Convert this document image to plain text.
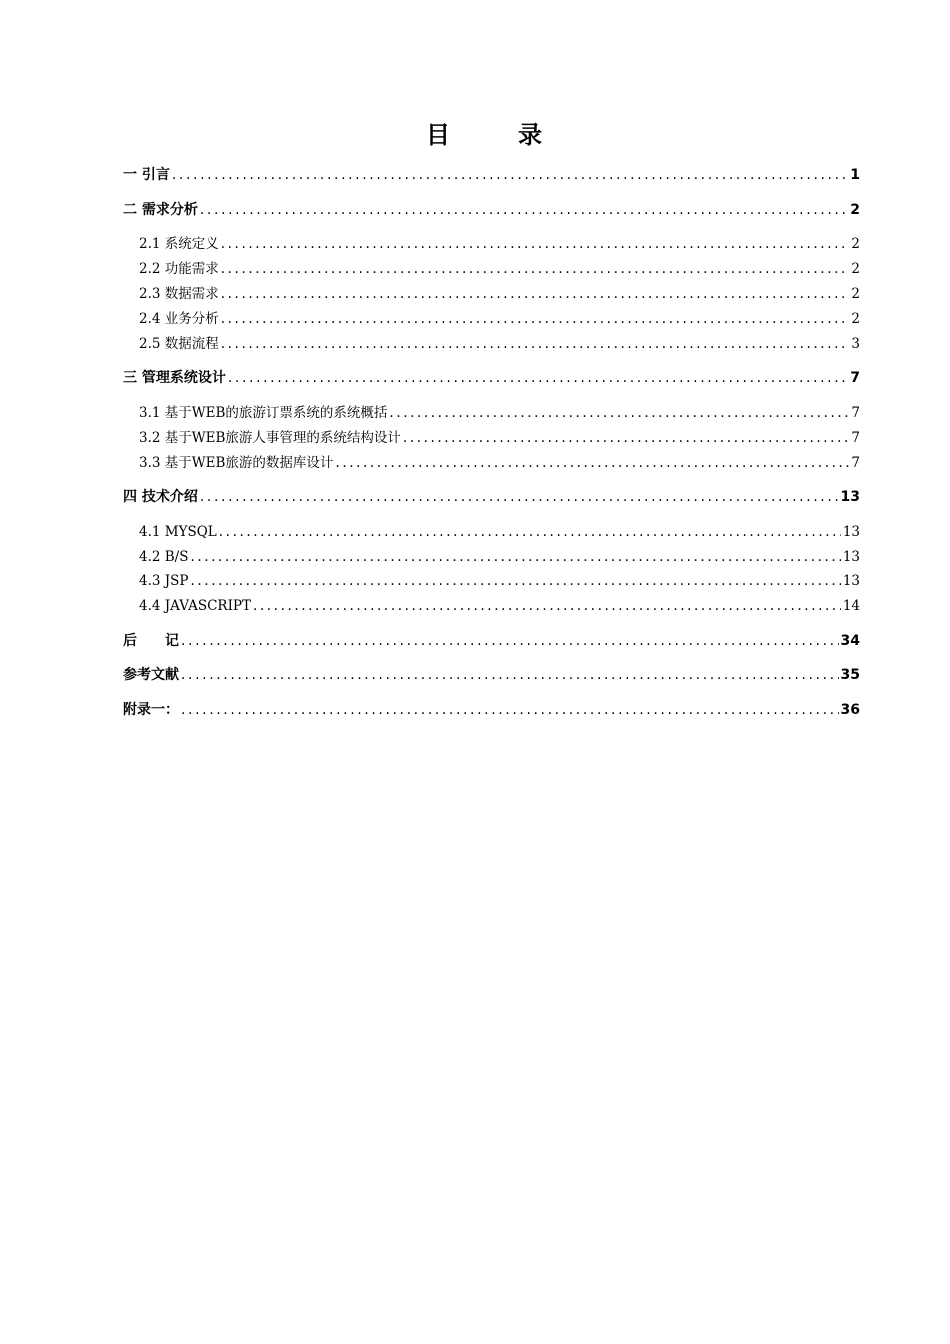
目　录
一 引言 .....	1
二 需求分析 .....	2
2.1 系统定义 .....	2
2.2 功能需求 .....	2
2.3 数据需求 .....	2
2.4 业务分析 .....	2
2.5 数据流程 .....	3
三 管理系统设计 .....	7
3.1 基于WEB的旅游订票系统的系统概括 .....	7
3.2 基于WEB旅游人事管理的系统结构设计 .....	7
3.3 基于WEB旅游的数据库设计 .....	7
四 技术介绍 .....	13
4.1 MYSQL .....	13
4.2 B/S .....	13
4.3 JSP .....	13
4.4 JAVASCRIPT .....	14
后　　记 .....	34
参考文献 .....	35
附录一： .....	36
